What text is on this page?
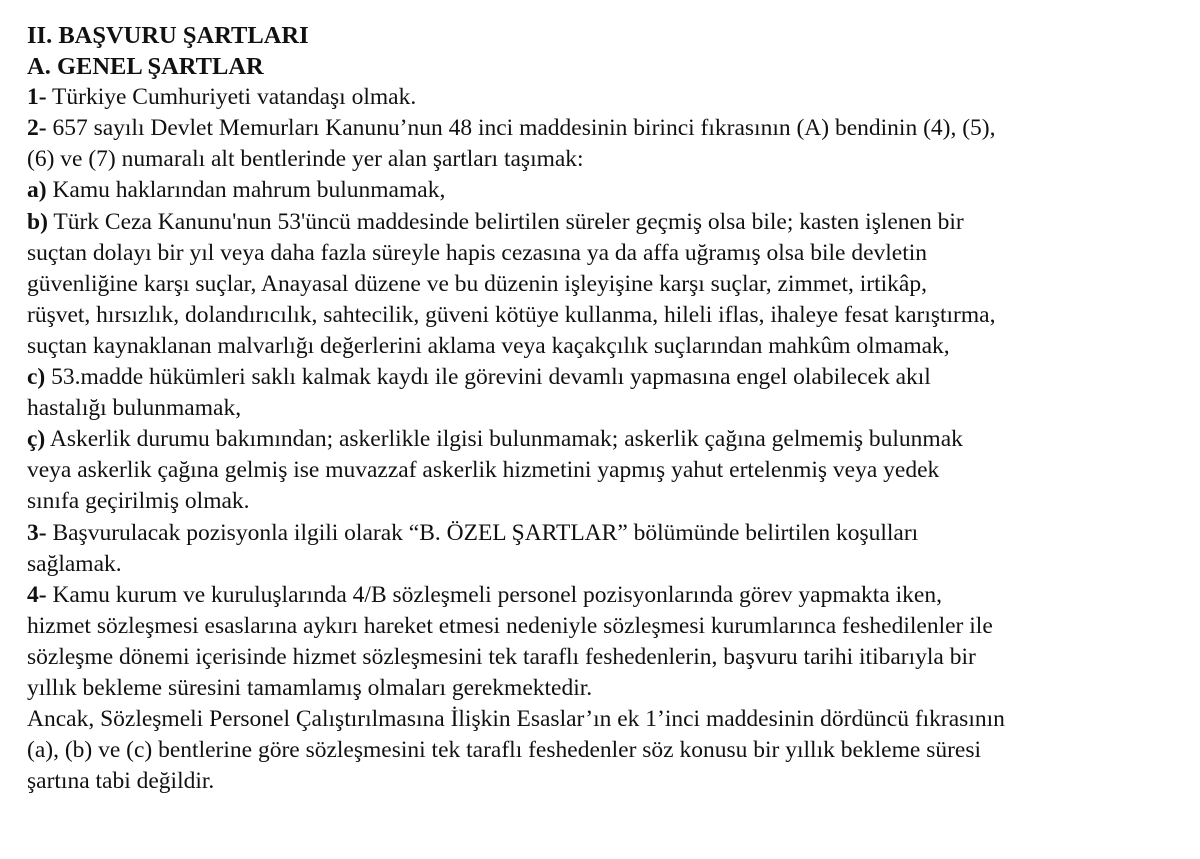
II. BAŞVURU ŞARTLARI
A. GENEL ŞARTLAR
1- Türkiye Cumhuriyeti vatandaşı olmak.
2- 657 sayılı Devlet Memurları Kanunu’nun 48 inci maddesinin birinci fıkrasının (A) bendinin (4), (5),
(6) ve (7) numaralı alt bentlerinde yer alan şartları taşımak:
a) Kamu haklarından mahrum bulunmamak,
b) Türk Ceza Kanunu'nun 53'üncü maddesinde belirtilen süreler geçmiş olsa bile; kasten işlenen bir
suçtan dolayı bir yıl veya daha fazla süreyle hapis cezasına ya da affa uğramış olsa bile devletin
güvenliğine karşı suçlar, Anayasal düzene ve bu düzenin işleyişine karşı suçlar, zimmet, irtikâp,
rüşvet, hırsızlık, dolandırıcılık, sahtecilik, güveni kötüye kullanma, hileli iflas, ihaleye fesat karıştırma,
suçtan kaynaklanan malvarlığı değerlerini aklama veya kaçakçılık suçlarından mahkûm olmamak,
c) 53.madde hükümleri saklı kalmak kaydı ile görevini devamlı yapmasına engel olabilecek akıl
hastalığı bulunmamak,
ç) Askerlik durumu bakımından; askerlikle ilgisi bulunmamak; askerlik çağına gelmemiş bulunmak
veya askerlik çağına gelmiş ise muvazzaf askerlik hizmetini yapmış yahut ertelenmiş veya yedek
sınıfa geçirilmiş olmak.
3- Başvurulacak pozisyonla ilgili olarak “B. ÖZEL ŞARTLAR” bölümünde belirtilen koşulları
sağlamak.
4- Kamu kurum ve kuruluşlarında 4/B sözleşmeli personel pozisyonlarında görev yapmakta iken,
hizmet sözleşmesi esaslarına aykırı hareket etmesi nedeniyle sözleşmesi kurumlarınca feshedilenler ile
sözleşme dönemi içerisinde hizmet sözleşmesini tek taraflı feshedenlerin, başvuru tarihi itibarıyla bir
yıllık bekleme süresini tamamlamış olmaları gerekmektedir.
Ancak, Sözleşmeli Personel Çalıştırılmasına İlişkin Esaslar’ın ek 1’inci maddesinin dördüncü fıkrasının
(a), (b) ve (c) bentlerine göre sözleşmesini tek taraflı feshedenler söz konusu bir yıllık bekleme süresi
şartına tabi değildir.
